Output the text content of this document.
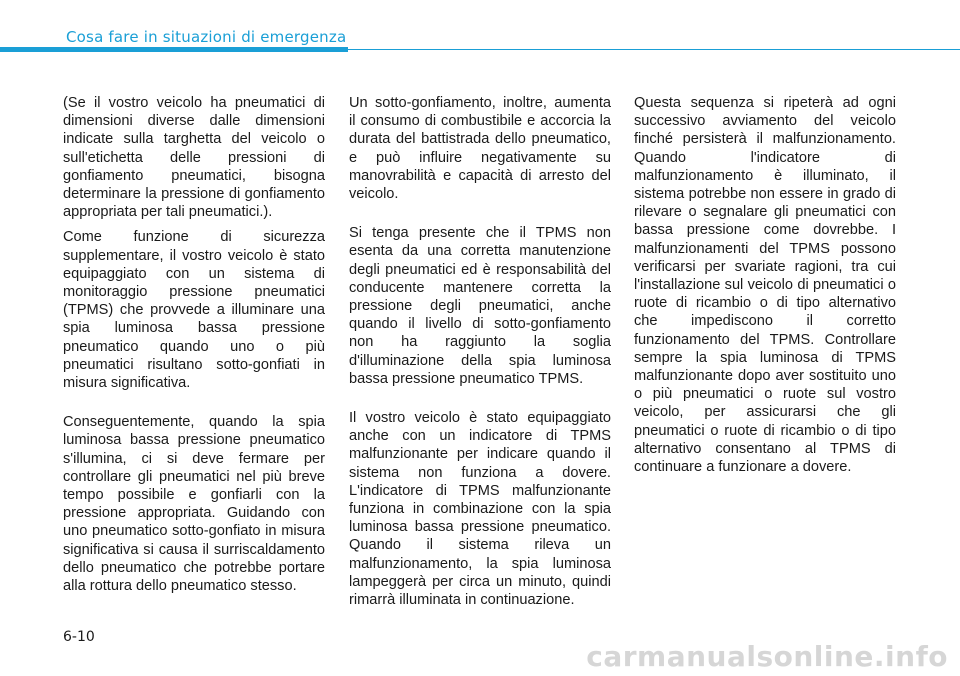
Cosa fare in situazioni di emergenza

(Se il vostro veicolo ha pneumatici di dimensioni diverse dalle dimensioni indicate sulla targhetta del veicolo o sull'etichetta delle pressioni di gonfiamento pneumatici, bisogna determinare la pressione di gonfiamento appropriata per tali pneumatici.).

Come funzione di sicurezza supplementare, il vostro veicolo è stato equipaggiato con un sistema di monitoraggio pressione pneumatici (TPMS) che provvede a illuminare una spia luminosa bassa pressione pneumatico quando uno o più pneumatici risultano sotto-gonfiati in misura significativa.

Conseguentemente, quando la spia luminosa bassa pressione pneumatico s'illumina, ci si deve fermare per controllare gli pneumatici nel più breve tempo possibile e gonfiarli con la pressione appropriata. Guidando con uno pneumatico sotto-gonfiato in misura significativa si causa il surriscaldamento dello pneumatico che potrebbe portare alla rottura dello pneumatico stesso.

Un sotto-gonfiamento, inoltre, aumenta il consumo di combustibile e accorcia la durata del battistrada dello pneumatico, e può influire negativamente su manovrabilità e capacità di arresto del veicolo.

Si tenga presente che il TPMS non esenta da una corretta manutenzione degli pneumatici ed è responsabilità del conducente mantenere corretta la pressione degli pneumatici, anche quando il livello di sotto-gonfiamento non ha raggiunto la soglia d'illuminazione della spia luminosa bassa pressione pneumatico TPMS.

Il vostro veicolo è stato equipaggiato anche con un indicatore di TPMS malfunzionante per indicare quando il sistema non funziona a dovere. L'indicatore di TPMS malfunzionante funziona in combinazione con la spia luminosa bassa pressione pneumatico. Quando il sistema rileva un malfunzionamento, la spia luminosa lampeggerà per circa un minuto, quindi rimarrà illuminata in continuazione.

Questa sequenza si ripeterà ad ogni successivo avviamento del veicolo finché persisterà il malfunzionamento. Quando l'indicatore di malfunzionamento è illuminato, il sistema potrebbe non essere in grado di rilevare o segnalare gli pneumatici con bassa pressione come dovrebbe. I malfunzionamenti del TPMS possono verificarsi per svariate ragioni, tra cui l'installazione sul veicolo di pneumatici o ruote di ricambio o di tipo alternativo che impediscono il corretto funzionamento del TPMS. Controllare sempre la spia luminosa di TPMS malfunzionante dopo aver sostituito uno o più pneumatici o ruote sul vostro veicolo, per assicurarsi che gli pneumatici o ruote di ricambio o di tipo alternativo consentano al TPMS di continuare a funzionare a dovere.

6-10
carmanualsonline.info
